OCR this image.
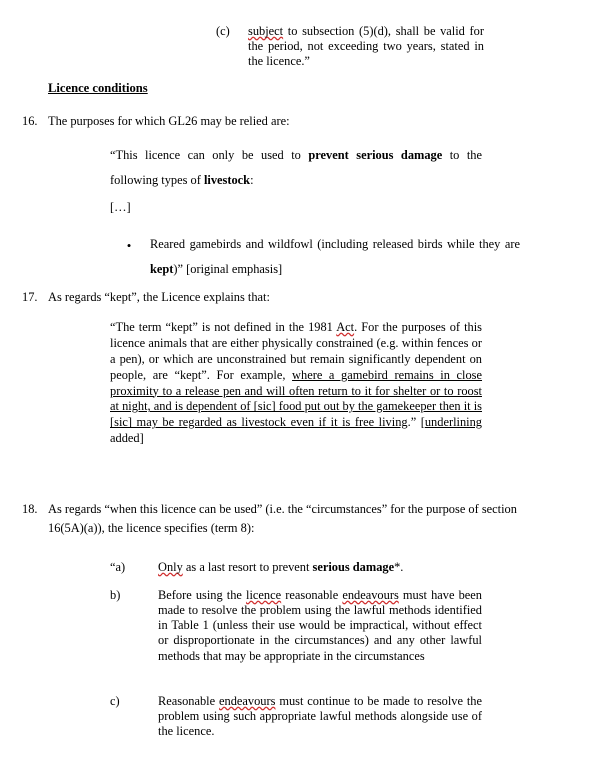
(c) subject to subsection (5)(d), shall be valid for the period, not exceeding two years, stated in the licence.”
Licence conditions
16. The purposes for which GL26 may be relied are:
“This licence can only be used to prevent serious damage to the following types of livestock:
[…]
•	Reared gamebirds and wildfowl (including released birds while they are kept)” [original emphasis]
17. As regards “kept”, the Licence explains that:
“The term “kept” is not defined in the 1981 Act. For the purposes of this licence animals that are either physically constrained (e.g. within fences or a pen), or which are unconstrained but remain significantly dependent on people, are “kept”. For example, where a gamebird remains in close proximity to a release pen and will often return to it for shelter or to roost at night, and is dependent of [sic] food put out by the gamekeeper then it is [sic] may be regarded as livestock even if it is free living.” [underlining added]
18. As regards “when this licence can be used” (i.e. the “circumstances” for the purpose of section 16(5A)(a)), the licence specifies (term 8):
“a)	Only as a last resort to prevent serious damage*.
b)	Before using the licence reasonable endeavours must have been made to resolve the problem using the lawful methods identified in Table 1 (unless their use would be impractical, without effect or disproportionate in the circumstances) and any other lawful methods that may be appropriate in the circumstances
c)	Reasonable endeavours must continue to be made to resolve the problem using such appropriate lawful methods alongside use of the licence.
